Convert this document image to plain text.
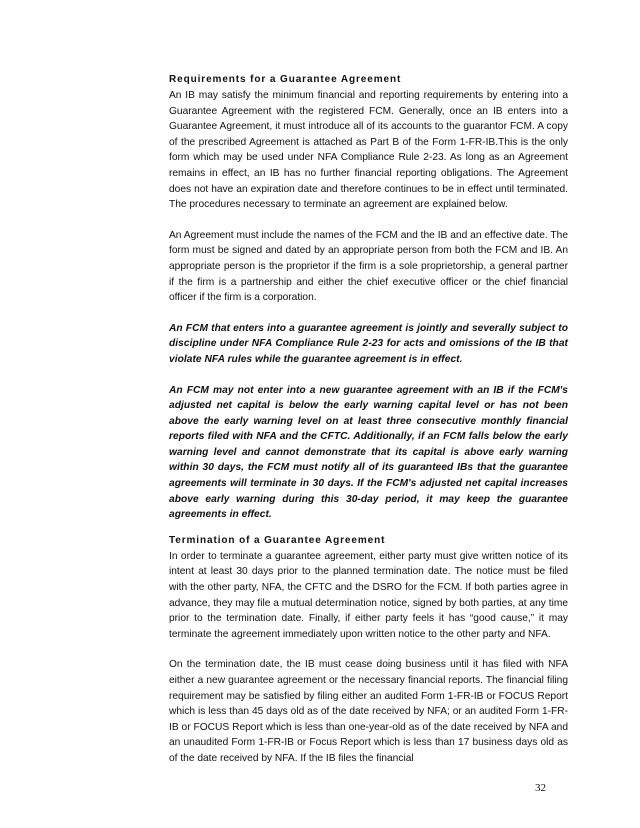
Requirements for a Guarantee Agreement

An IB may satisfy the minimum financial and reporting requirements by entering into a Guarantee Agreement with the registered FCM. Generally, once an IB enters into a Guarantee Agreement, it must introduce all of its accounts to the guarantor FCM. A copy of the prescribed Agreement is attached as Part B of the Form 1-FR-IB.This is the only form which may be used under NFA Compliance Rule 2-23. As long as an Agreement remains in effect, an IB has no further financial reporting obligations. The Agreement does not have an expiration date and therefore continues to be in effect until terminated. The procedures necessary to terminate an agreement are explained below.

An Agreement must include the names of the FCM and the IB and an effective date. The form must be signed and dated by an appropriate person from both the FCM and IB. An appropriate person is the proprietor if the firm is a sole proprietorship, a general partner if the firm is a partnership and either the chief executive officer or the chief financial officer if the firm is a corporation.

An FCM that enters into a guarantee agreement is jointly and severally subject to discipline under NFA Compliance Rule 2-23 for acts and omissions of the IB that violate NFA rules while the guarantee agreement is in effect.

An FCM may not enter into a new guarantee agreement with an IB if the FCM's adjusted net capital is below the early warning capital level or has not been above the early warning level on at least three consecutive monthly financial reports filed with NFA and the CFTC. Additionally, if an FCM falls below the early warning level and cannot demonstrate that its capital is above early warning within 30 days, the FCM must notify all of its guaranteed IBs that the guarantee agreements will terminate in 30 days. If the FCM's adjusted net capital increases above early warning during this 30-day period, it may keep the guarantee agreements in effect.

Termination of a Guarantee Agreement

In order to terminate a guarantee agreement, either party must give written notice of its intent at least 30 days prior to the planned termination date. The notice must be filed with the other party, NFA, the CFTC and the DSRO for the FCM. If both parties agree in advance, they may file a mutual determination notice, signed by both parties, at any time prior to the termination date. Finally, if either party feels it has “good cause,” it may terminate the agreement immediately upon written notice to the other party and NFA.

On the termination date, the IB must cease doing business until it has filed with NFA either a new guarantee agreement or the necessary financial reports. The financial filing requirement may be satisfied by filing either an audited Form 1-FR-IB or FOCUS Report which is less than 45 days old as of the date received by NFA; or an audited Form 1-FR-IB or FOCUS Report which is less than one-year-old as of the date received by NFA and an unaudited Form 1-FR-IB or Focus Report which is less than 17 business days old as of the date received by NFA. If the IB files the financial

32
